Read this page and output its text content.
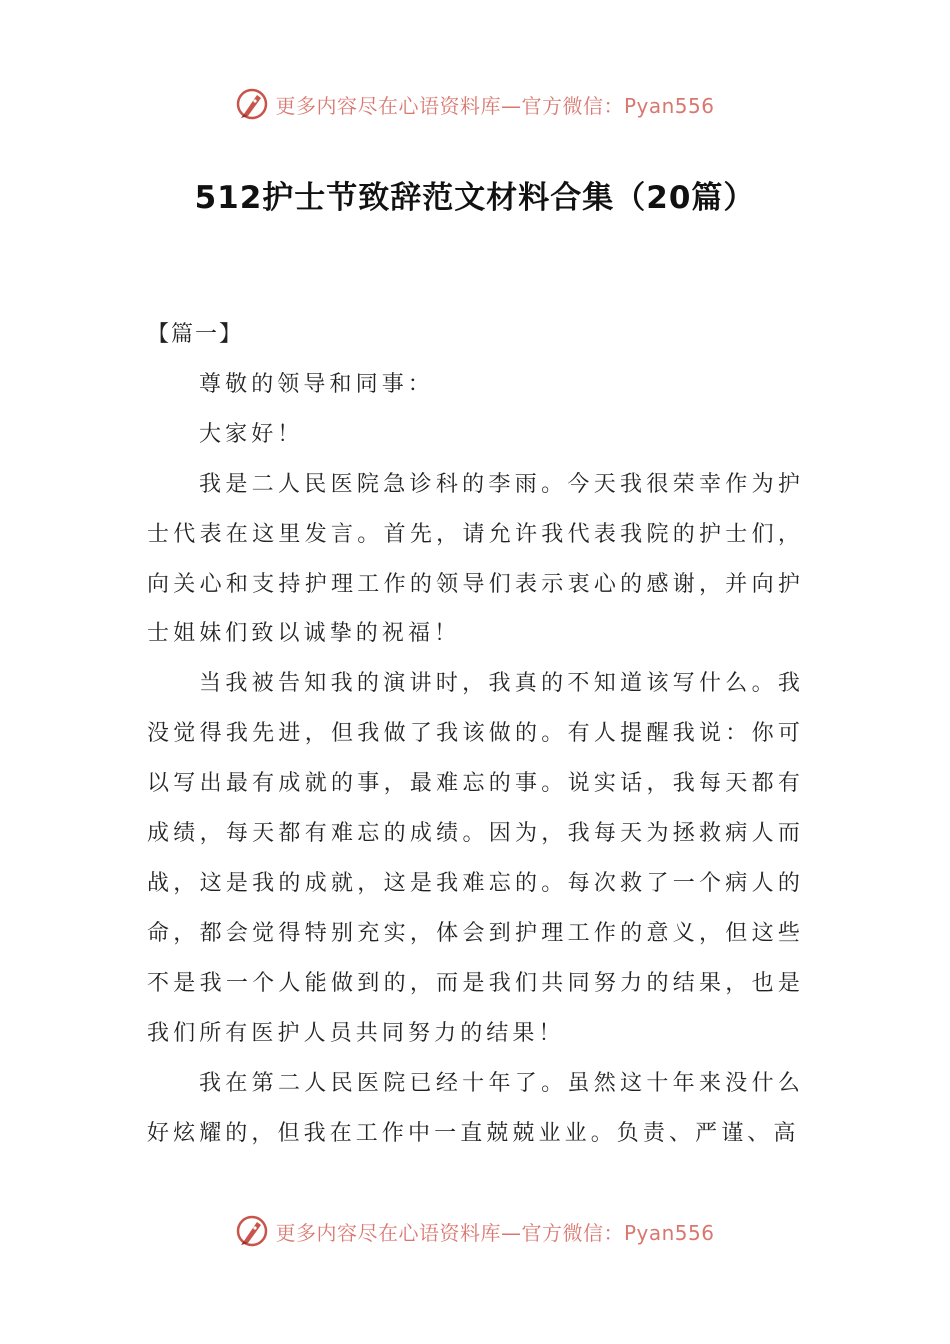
更多内容尽在心语资料库—官方微信：Pyan556
512护士节致辞范文材料合集（20篇）

【篇一】

尊敬的领导和同事：

大家好！

我是二人民医院急诊科的李雨。今天我很荣幸作为护士代表在这里发言。首先，请允许我代表我院的护士们，向关心和支持护理工作的领导们表示衷心的感谢，并向护士姐妹们致以诚挚的祝福！

当我被告知我的演讲时，我真的不知道该写什么。我没觉得我先进，但我做了我该做的。有人提醒我说：你可以写出最有成就的事，最难忘的事。说实话，我每天都有成绩，每天都有难忘的成绩。因为，我每天为拯救病人而战，这是我的成就，这是我难忘的。每次救了一个病人的命，都会觉得特别充实，体会到护理工作的意义，但这些不是我一个人能做到的，而是我们共同努力的结果，也是我们所有医护人员共同努力的结果！

我在第二人民医院已经十年了。虽然这十年来没什么好炫耀的，但我在工作中一直兢兢业业。负责、严谨、高

更多内容尽在心语资料库—官方微信：Pyan556
